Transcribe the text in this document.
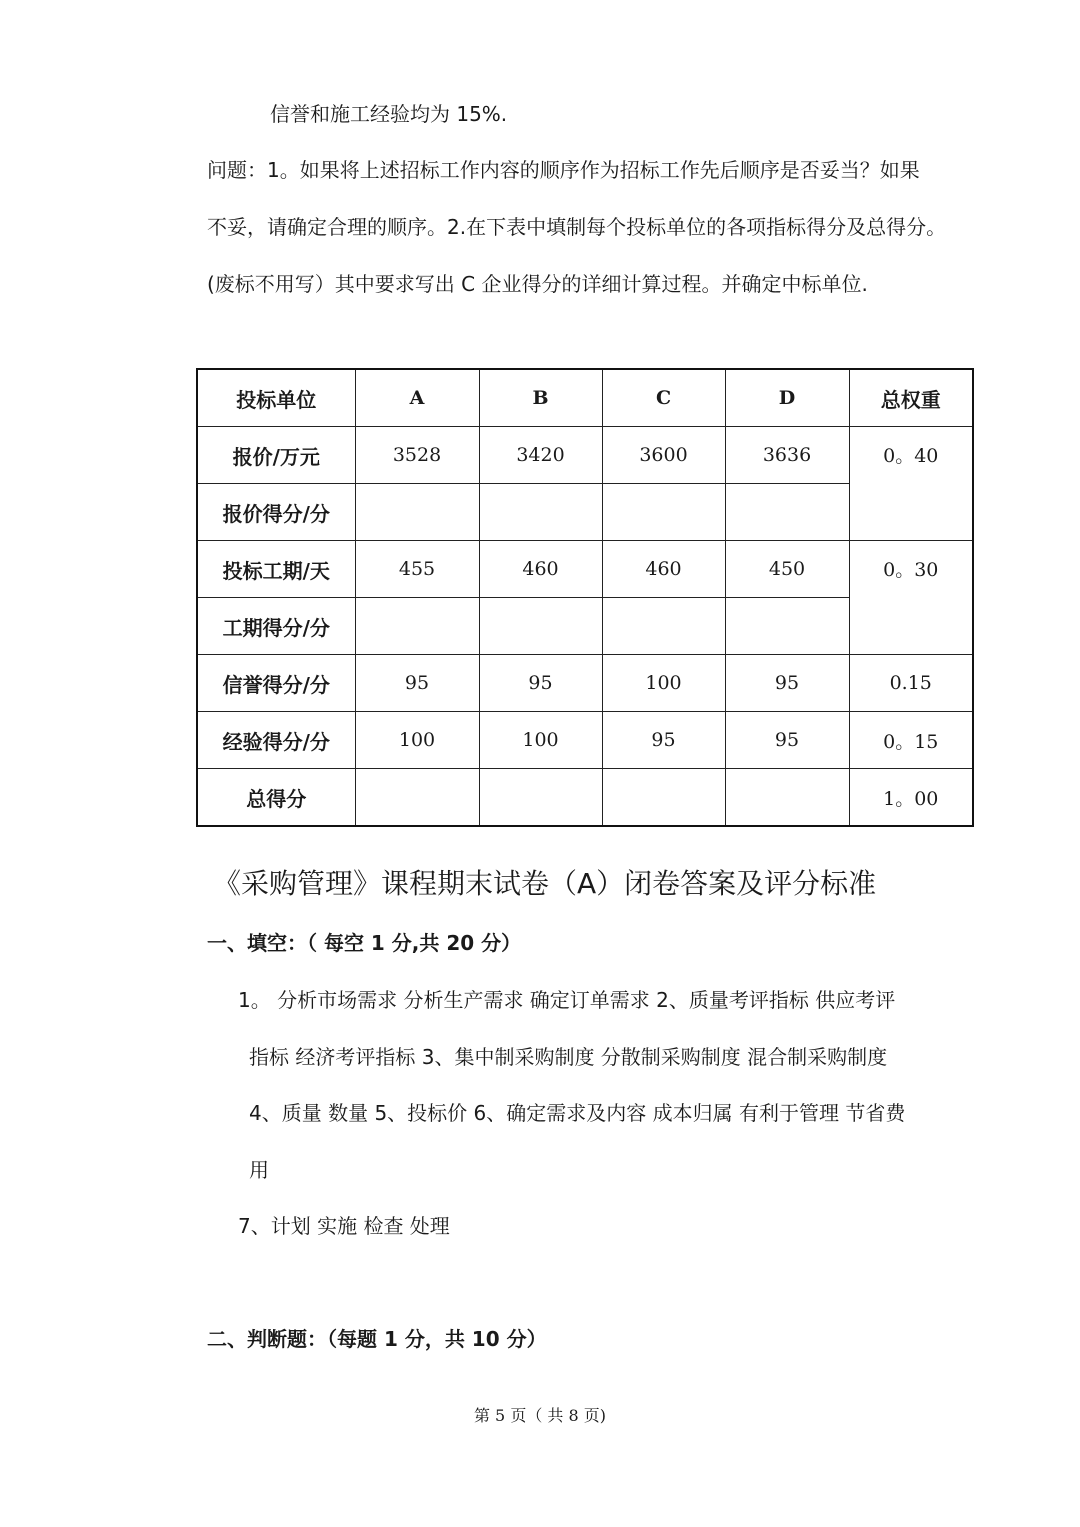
信誉和施工经验均为 15%.
问题：1。如果将上述招标工作内容的顺序作为招标工作先后顺序是否妥当？如果
不妥，请确定合理的顺序。2.在下表中填制每个投标单位的各项指标得分及总得分。
(废标不用写）其中要求写出 C 企业得分的详细计算过程。并确定中标单位.
投标单位	A	B	C	D	总权重
报价/万元	3528	3420	3600	3636	0。40
报价得分/分					
投标工期/天	455	460	460	450	0。30
工期得分/分					
信誉得分/分	95	95	100	95	0.15
经验得分/分	100	100	95	95	0。15
总得分					1。00
《采购管理》课程期末试卷（A）闭卷答案及评分标准
一、填空：（ 每空 1 分,共 20 分）
1。 分析市场需求 分析生产需求 确定订单需求 2、质量考评指标 供应考评
指标 经济考评指标 3、集中制采购制度 分散制采购制度 混合制采购制度
4、质量 数量 5、投标价 6、确定需求及内容 成本归属 有利于管理 节省费
用
7、计划 实施 检查 处理
二、判断题：（每题 1 分，共 10 分）
第 5 页（ 共 8 页)
